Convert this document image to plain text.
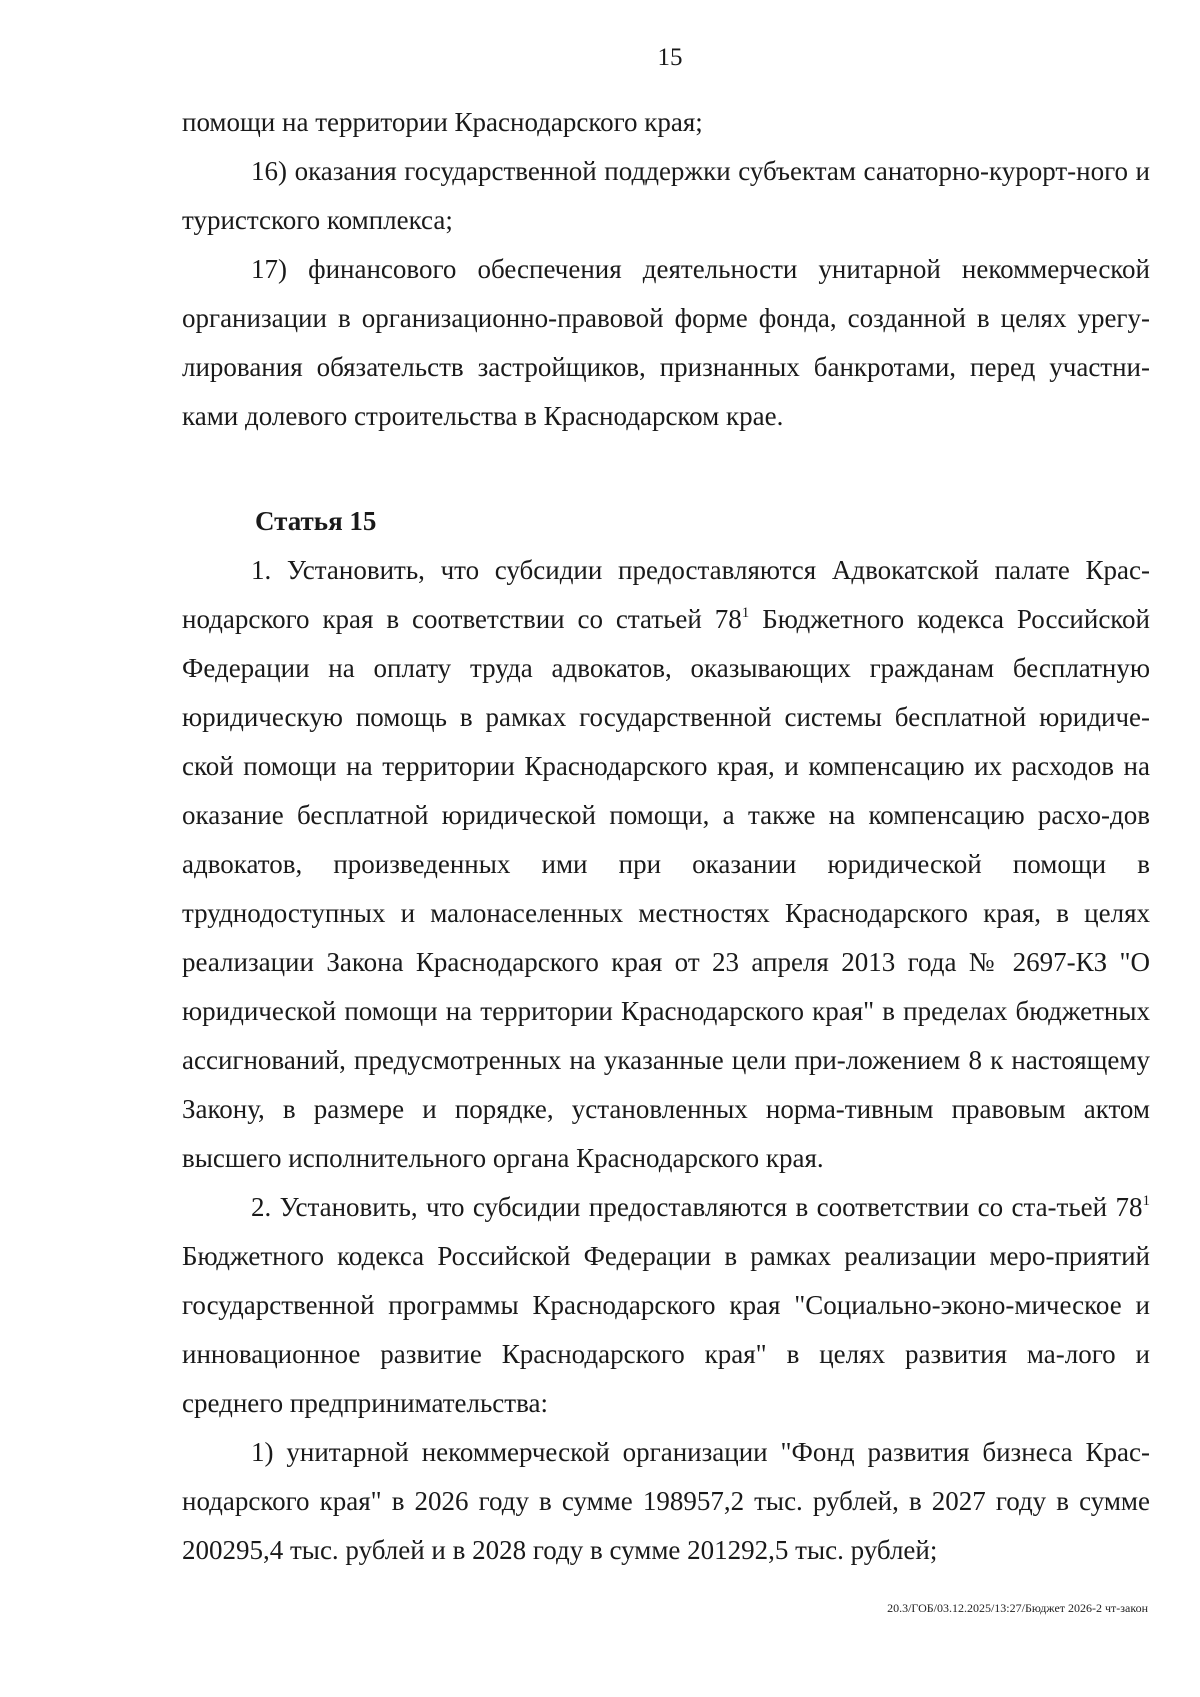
15

помощи на территории Краснодарского края;

16) оказания государственной поддержки субъектам санаторно-курорт-ного и туристского комплекса;

17) финансового обеспечения деятельности унитарной некоммерческой организации в организационно-правовой форме фонда, созданной в целях урегу-лирования обязательств застройщиков, признанных банкротами, перед участни-ками долевого строительства в Краснодарском крае.

Статья 15

1. Установить, что субсидии предоставляются Адвокатской палате Крас-нодарского края в соответствии со статьей $78^1$ Бюджетного кодекса Российской Федерации на оплату труда адвокатов, оказывающих гражданам бесплатную юридическую помощь в рамках государственной системы бесплатной юридиче-ской помощи на территории Краснодарского края, и компенсацию их расходов на оказание бесплатной юридической помощи, а также на компенсацию расхо-дов адвокатов, произведенных ими при оказании юридической помощи в труднодоступных и малонаселенных местностях Краснодарского края, в целях реализации Закона Краснодарского края от 23 апреля 2013 года № 2697-КЗ "О юридической помощи на территории Краснодарского края" в пределах бюджетных ассигнований, предусмотренных на указанные цели при-ложением 8 к настоящему Закону, в размере и порядке, установленных норма-тивным правовым актом высшего исполнительного органа Краснодарского края.

2. Установить, что субсидии предоставляются в соответствии со ста-тьей $78^1$ Бюджетного кодекса Российской Федерации в рамках реализации меро-приятий государственной программы Краснодарского края "Социально-эконо-мическое и инновационное развитие Краснодарского края" в целях развития ма-лого и среднего предпринимательства:

1) унитарной некоммерческой организации "Фонд развития бизнеса Крас-нодарского края" в 2026 году в сумме 198957,2 тыс. рублей, в 2027 году в сумме 200295,4 тыс. рублей и в 2028 году в сумме 201292,5 тыс. рублей;

20.3/ГОБ/03.12.2025/13:27/Бюджет 2026-2 чт-закон
